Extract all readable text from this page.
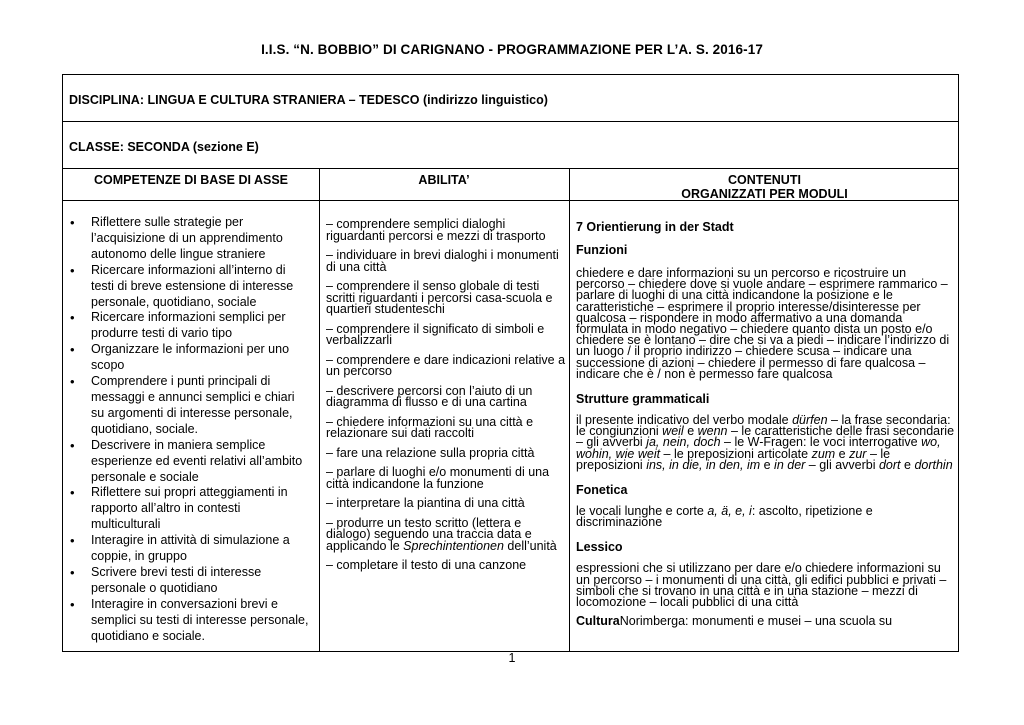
I.I.S. “N. BOBBIO” DI CARIGNANO - PROGRAMMAZIONE PER L’A. S. 2016-17
DISCIPLINA: LINGUA E CULTURA STRANIERA – TEDESCO (indirizzo linguistico)
CLASSE: SECONDA (sezione E)
COMPETENZE DI BASE DI ASSE	ABILITA’	CONTENUTI
ORGANIZZATI PER MODULI
• Riflettere sulle strategie per l’acquisizione di un apprendimento autonomo delle lingue straniere
• Ricercare informazioni all’interno di testi di breve estensione di interesse personale, quotidiano, sociale
• Ricercare informazioni semplici per produrre testi di vario tipo
• Organizzare le informazioni per uno scopo
• Comprendere i punti principali di messaggi e annunci semplici e chiari su argomenti di interesse personale, quotidiano, sociale.
• Descrivere in maniera semplice esperienze ed eventi relativi all’ambito personale e sociale
• Riflettere sui propri atteggiamenti in rapporto all’altro in contesti multiculturali
• Interagire in attività di simulazione a coppie, in gruppo
• Scrivere brevi testi di interesse personale o quotidiano
• Interagire in conversazioni brevi e semplici su testi di interesse personale, quotidiano e sociale.

– comprendere semplici dialoghi riguardanti percorsi e mezzi di trasporto

– individuare in brevi dialoghi i monumenti di una città

– comprendere il senso globale di testi scritti riguardanti i percorsi casa-scuola e quartieri studenteschi

– comprendere il significato di simboli e verbalizzarli

– comprendere e dare indicazioni relative a un percorso

– descrivere percorsi con l’aiuto di un diagramma di flusso e di una cartina

– chiedere informazioni su una città e relazionare sui dati raccolti

– fare una relazione sulla propria città

– parlare di luoghi e/o monumenti di una città indicandone la funzione

– interpretare la piantina di una città

– produrre un testo scritto (lettera e dialogo) seguendo una traccia data e applicando le Sprechintentionen dell’unità

– completare il testo di una canzone

7 Orientierung in der Stadt
Funzioni
chiedere e dare informazioni su un percorso e ricostruire un percorso – chiedere dove si vuole andare – esprimere rammarico – parlare di luoghi di una città indicandone la posizione e le caratteristiche – esprimere il proprio interesse/disinteresse per qualcosa – rispondere in modo affermativo a una domanda formulata in modo negativo – chiedere quanto dista un posto e/o chiedere se è lontano – dire che si va a piedi – indicare l’indirizzo di un luogo / il proprio indirizzo – chiedere scusa – indicare una successione di azioni – chiedere il permesso di fare qualcosa – indicare che è / non è permesso fare qualcosa
Strutture grammaticali
il presente indicativo del verbo modale dürfen – la frase secondaria: le congiunzioni weil e wenn – le caratteristiche delle frasi secondarie – gli avverbi ja, nein, doch – le W-Fragen: le voci interrogative wo, wohin, wie weit – le preposizioni articolate zum e zur – le preposizioni ins, in die, in den, im e in der – gli avverbi dort e dorthin
Fonetica
le vocali lunghe e corte a, ä, e, i: ascolto, ripetizione e discriminazione
Lessico
espressioni che si utilizzano per dare e/o chiedere informazioni su un percorso – i monumenti di una città, gli edifici pubblici e privati – simboli che si trovano in una città e in una stazione – mezzi di locomozione – locali pubblici di una città
CulturaNorimberga: monumenti e musei – una scuola su
1
